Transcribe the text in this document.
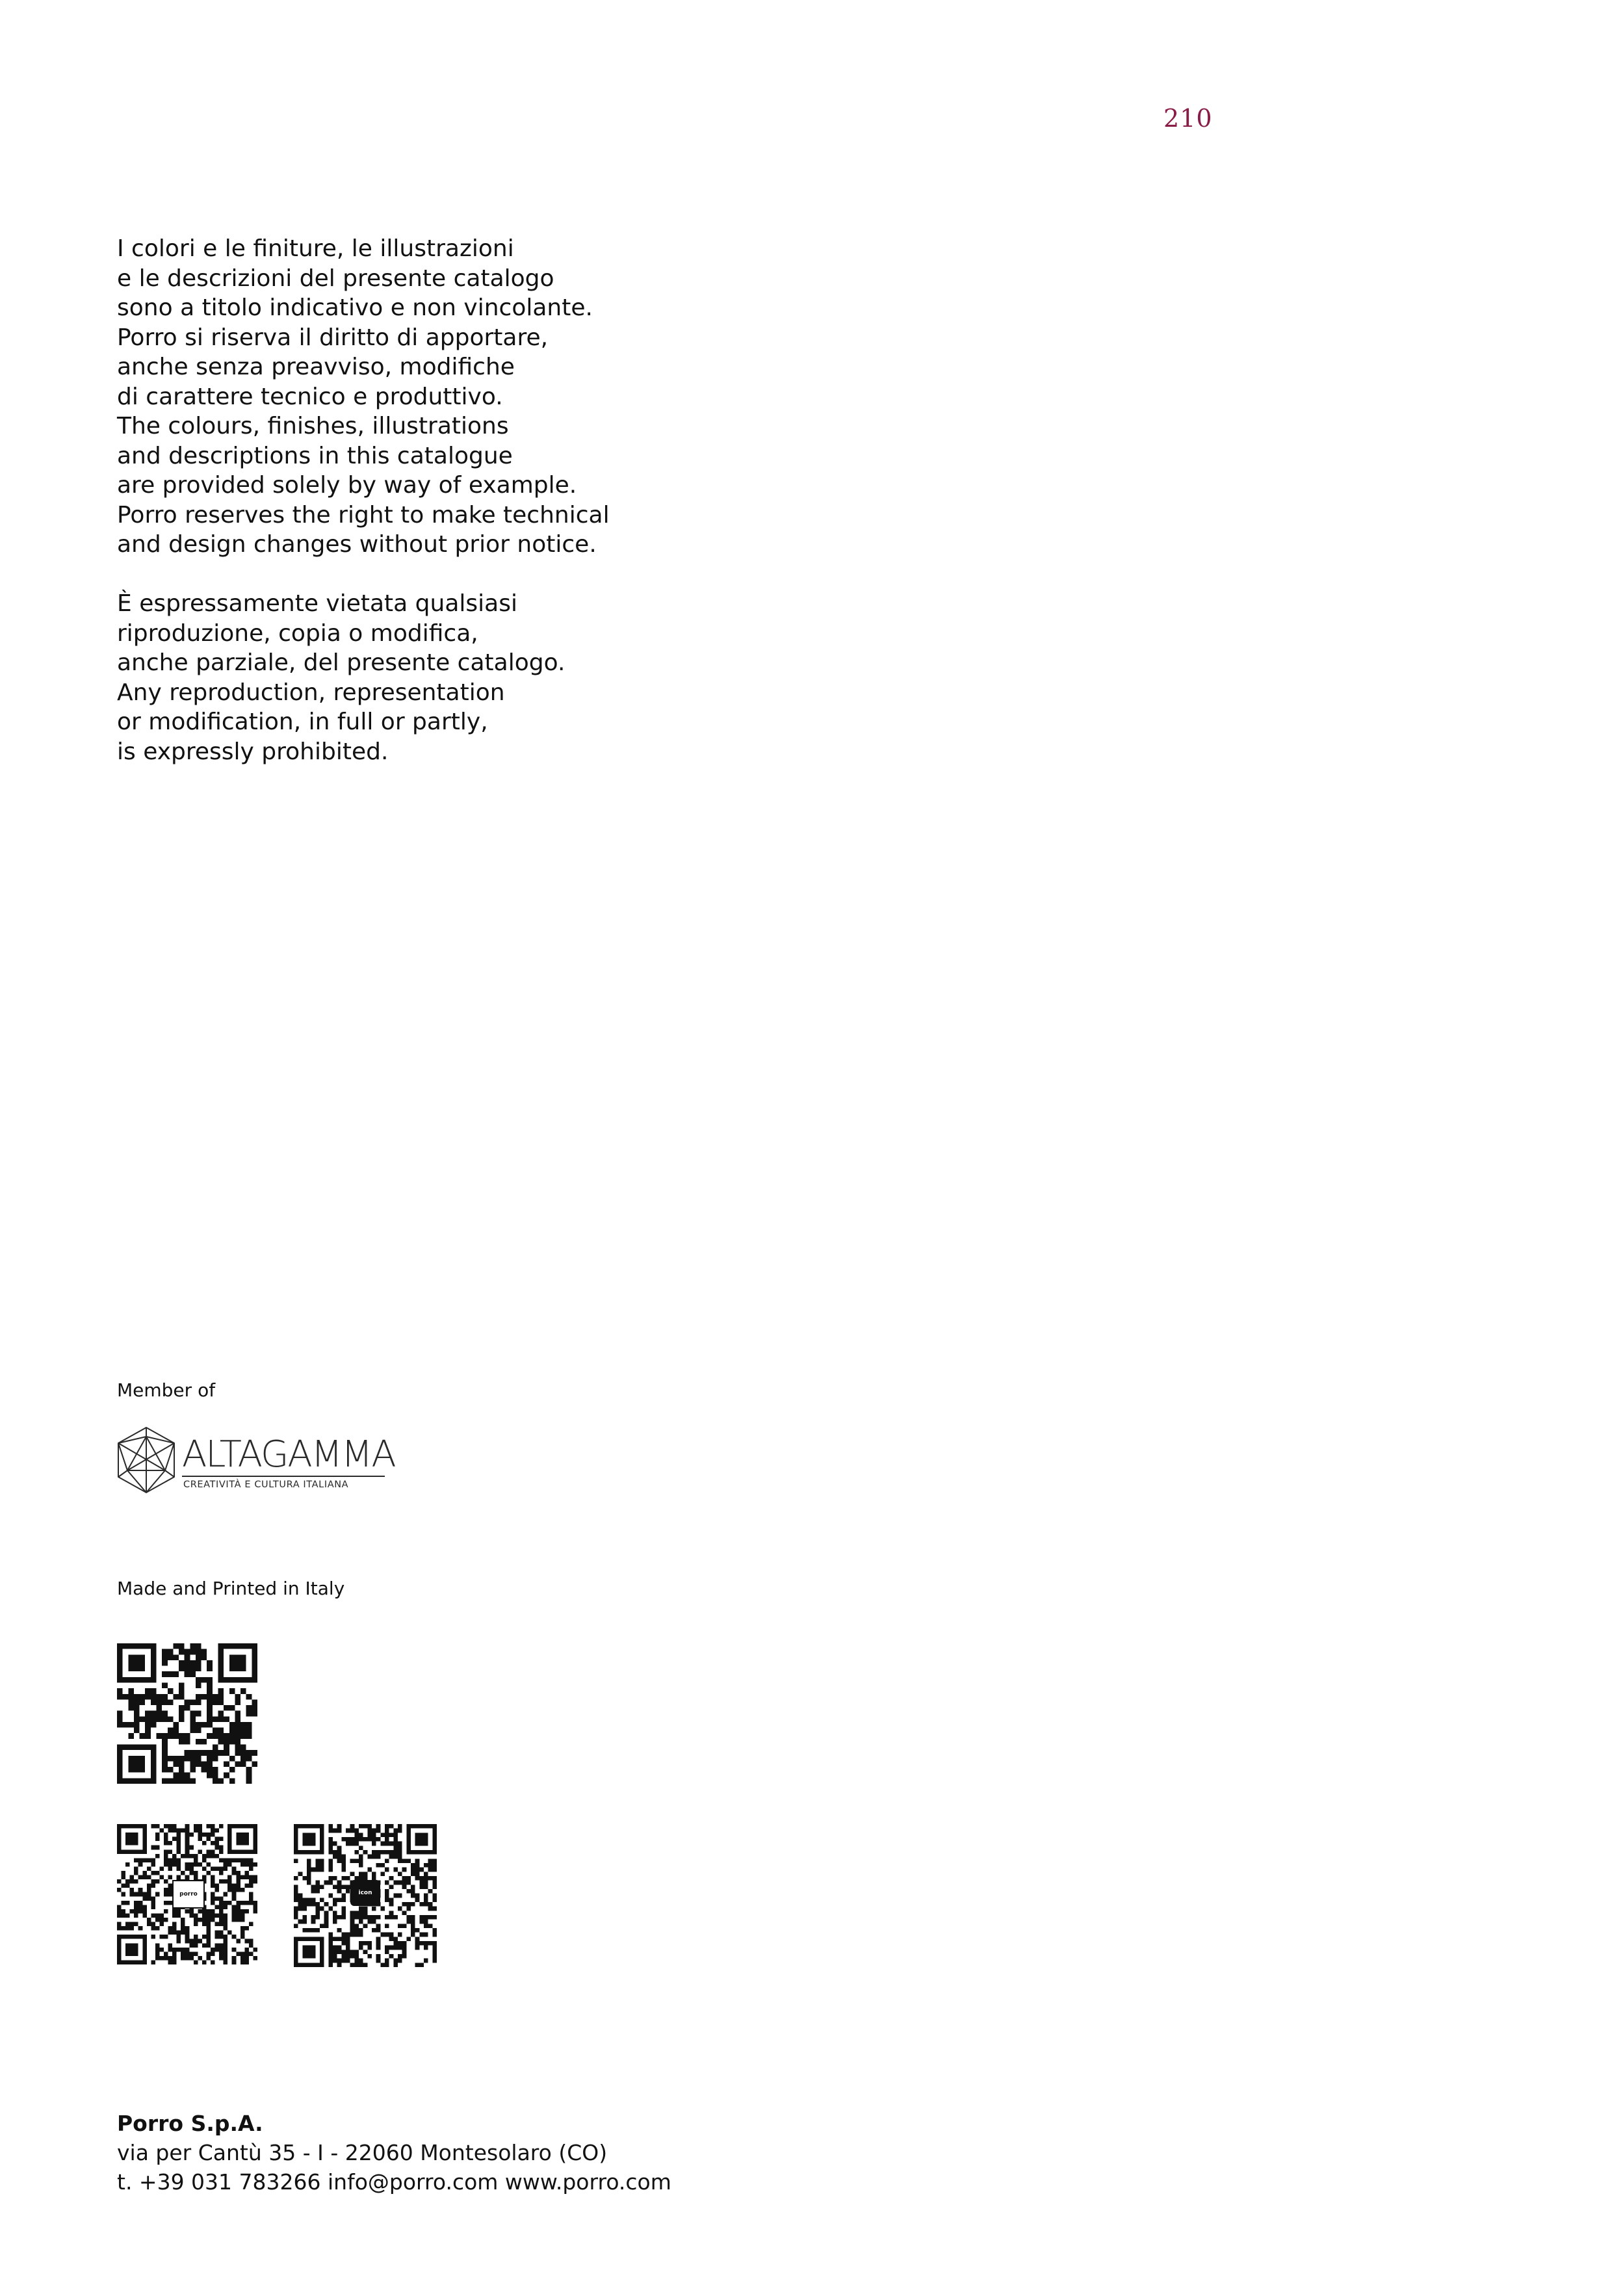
210
I colori e le finiture, le illustrazioni
e le descrizioni del presente catalogo
sono a titolo indicativo e non vincolante.
Porro si riserva il diritto di apportare,
anche senza preavviso, modifiche
di carattere tecnico e produttivo.
The colours, finishes, illustrations
and descriptions in this catalogue
are provided solely by way of example.
Porro reserves the right to make technical
and design changes without prior notice.
È espressamente vietata qualsiasi
riproduzione, copia o modifica,
anche parziale, del presente catalogo.
Any reproduction, representation
or modification, in full or partly,
is expressly prohibited.
Member of
ALTAGAMMA
CREATIVITÀ E CULTURA ITALIANA
Made and Printed in Italy
porro	icon
Porro S.p.A.
via per Cantù 35 - I - 22060 Montesolaro (CO)
t. +39 031 783266 info@porro.com www.porro.com
